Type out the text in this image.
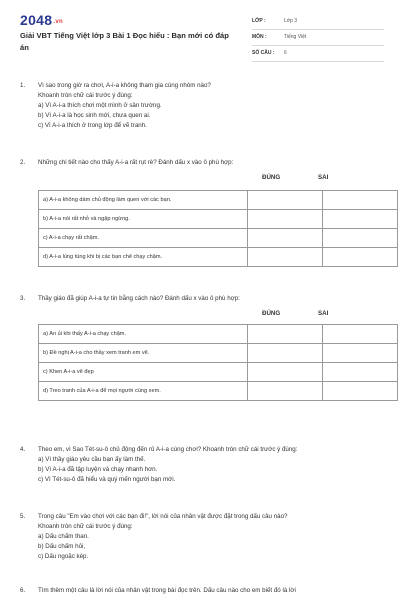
2048.vn
Giải VBT Tiếng Việt lớp 3 Bài 1 Đọc hiểu : Bạn mới có đáp án
LỚP :	Lớp 3
MÔN :	Tiếng Việt
SỐ CÂU : 6
1. Vì sao trong giờ ra chơi, A-i-a không tham gia cùng nhóm nào?
Khoanh tròn chữ cái trước ý đúng:
a) Vì A-i-a thích chơi một mình ở sân trường.
b) Vì A-i-a là học sinh mới, chưa quen ai.
c) Vì A-i-a thích ở trong lớp để vẽ tranh.
2. Những chi tiết nào cho thấy A-i-a rất rụt rè? Đánh dấu x vào ô phù hợp:
ĐÚNG	SAI
a) A-i-a không dám chủ động làm quen với các bạn.		
b) A-i-a nói rất nhỏ và ngập ngừng.		
c) A-i-a chạy rất chậm.		
d) A-i-a lúng túng khi bị các bạn chê chạy chậm.		
3. Thầy giáo đã giúp A-i-a tự tin bằng cách nào? Đánh dấu x vào ô phù hợp:
ĐÚNG	SAI
a) An ủi khi thấy A-i-a chạy chậm.		
b) Đề nghị A-i-a cho thầy xem tranh em vẽ.		
c) Khen A-i-a vẽ đẹp		
d) Treo tranh của A-i-a để mọi người cùng xem.		
4. Theo em, vì Sao Tét-su-ô chủ động đến rủ A-i-a cùng chơi? Khoanh tròn chữ cái trước ý đúng:
a) Vì thầy giáo yêu cầu bạn ấy làm thế.
b) Vì A-i-a đã tập luyện và chạy nhanh hơn.
c) Vì Tét-su-ô đã hiểu và quý mến người bạn mới.
5. Trong câu "Em vào chơi với các bạn đi!", lời nói của nhân vật được đặt trong dấu câu nào?
Khoanh tròn chữ cái trước ý đúng:
a) Dấu chấm than.
b) Dấu chấm hỏi,
c) Dấu ngoặc kép.
6. Tìm thêm một câu là lời nói của nhân vật trong bài đọc trên. Dấu câu nào cho em biết đó là lời
